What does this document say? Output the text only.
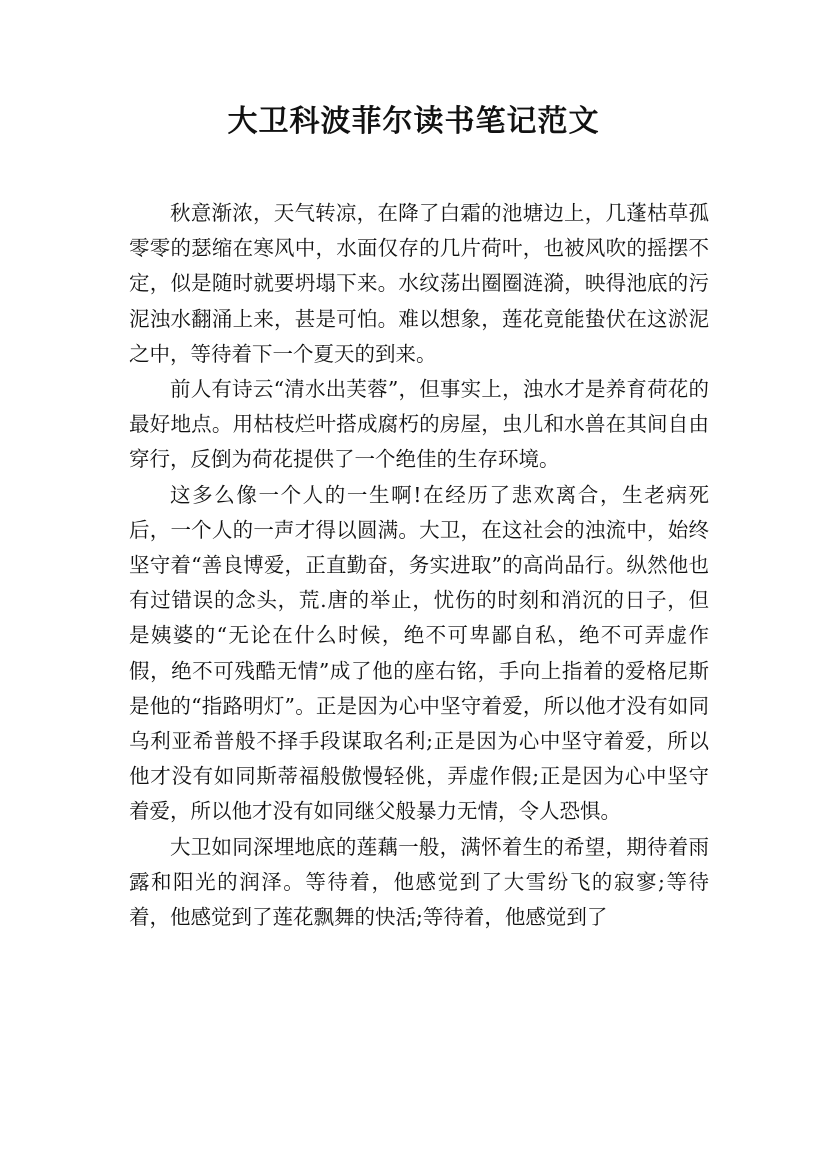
大卫科波菲尔读书笔记范文

秋意渐浓，天气转凉，在降了白霜的池塘边上，几蓬枯草孤零零的瑟缩在寒风中，水面仅存的几片荷叶，也被风吹的摇摆不定，似是随时就要坍塌下来。水纹荡出圈圈涟漪，映得池底的污泥浊水翻涌上来，甚是可怕。难以想象，莲花竟能蛰伏在这淤泥之中，等待着下一个夏天的到来。

前人有诗云“清水出芙蓉”，但事实上，浊水才是养育荷花的最好地点。用枯枝烂叶搭成腐朽的房屋，虫儿和水兽在其间自由穿行，反倒为荷花提供了一个绝佳的生存环境。

这多么像一个人的一生啊!在经历了悲欢离合，生老病死后，一个人的一声才得以圆满。大卫，在这社会的浊流中，始终坚守着“善良博爱，正直勤奋，务实进取”的高尚品行。纵然他也有过错误的念头，荒.唐的举止，忧伤的时刻和消沉的日子，但是姨婆的“无论在什么时候，绝不可卑鄙自私，绝不可弄虚作假，绝不可残酷无情”成了他的座右铭，手向上指着的爱格尼斯是他的“指路明灯”。正是因为心中坚守着爱，所以他才没有如同乌利亚希普般不择手段谋取名利;正是因为心中坚守着爱，所以他才没有如同斯蒂福般傲慢轻佻，弄虚作假;正是因为心中坚守着爱，所以他才没有如同继父般暴力无情，令人恐惧。

大卫如同深埋地底的莲藕一般，满怀着生的希望，期待着雨露和阳光的润泽。等待着，他感觉到了大雪纷飞的寂寥;等待着，他感觉到了莲花飘舞的快活;等待着，他感觉到了
